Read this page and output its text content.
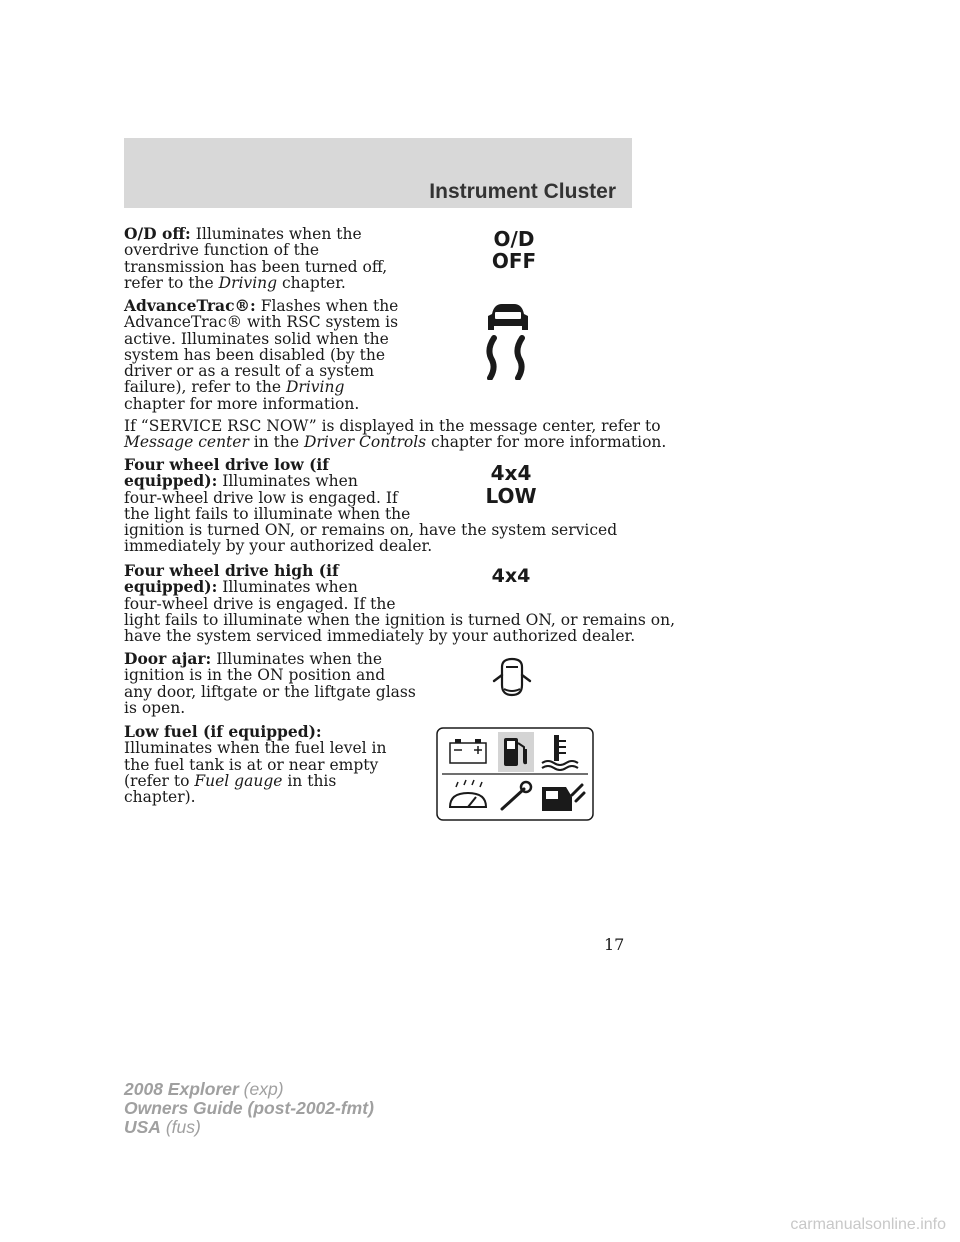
Instrument Cluster
O/D off: Illuminates when the
overdrive function of the
transmission has been turned off,
refer to the Driving chapter.
O/D
OFF
AdvanceTrac®: Flashes when the
AdvanceTrac® with RSC system is
active. Illuminates solid when the
system has been disabled (by the
driver or as a result of a system
failure), refer to the Driving
chapter for more information.
If “SERVICE RSC NOW” is displayed in the message center, refer to
Message center in the Driver Controls chapter for more information.
Four wheel drive low (if
equipped): Illuminates when
four-wheel drive low is engaged. If
the light fails to illuminate when the
ignition is turned ON, or remains on, have the system serviced
immediately by your authorized dealer.
4x4
LOW
Four wheel drive high (if
equipped): Illuminates when
four-wheel drive is engaged. If the
light fails to illuminate when the ignition is turned ON, or remains on,
have the system serviced immediately by your authorized dealer.
4x4
Door ajar: Illuminates when the
ignition is in the ON position and
any door, liftgate or the liftgate glass
is open.
Low fuel (if equipped):
Illuminates when the fuel level in
the fuel tank is at or near empty
(refer to Fuel gauge in this
chapter).
17
2008 Explorer (exp)
Owners Guide (post-2002-fmt)
USA (fus)
carmanualsonline.info
